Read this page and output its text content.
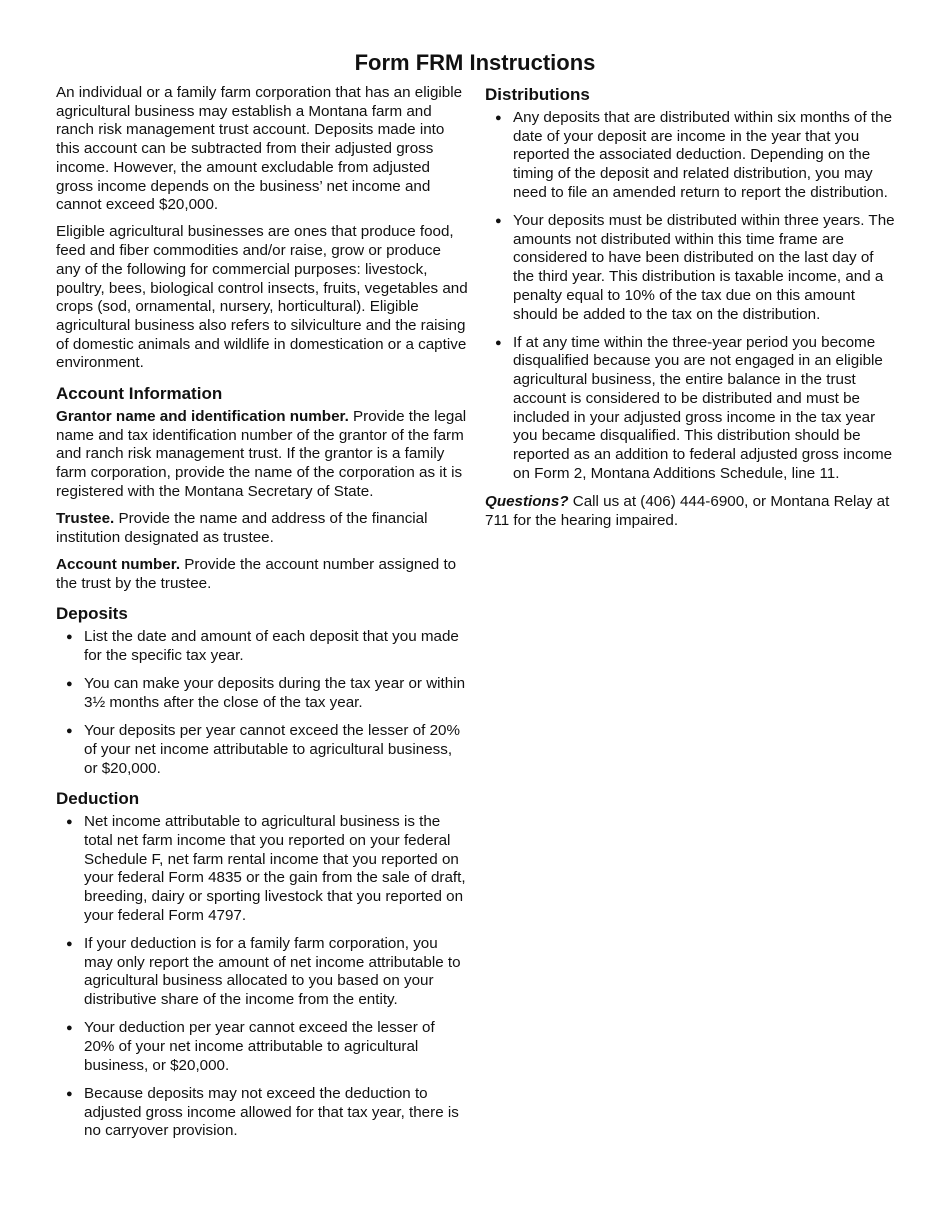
Form FRM Instructions

An individual or a family farm corporation that has an eligible agricultural business may establish a Montana farm and ranch risk management trust account. Deposits made into this account can be subtracted from their adjusted gross income. However, the amount excludable from adjusted gross income depends on the business’ net income and cannot exceed $20,000.

Eligible agricultural businesses are ones that produce food, feed and fiber commodities and/or raise, grow or produce any of the following for commercial purposes: livestock, poultry, bees, biological control insects, fruits, vegetables and crops (sod, ornamental, nursery, horticultural). Eligible agricultural business also refers to silviculture and the raising of domestic animals and wildlife in domestication or a captive environment.

Account Information

Grantor name and identification number. Provide the legal name and tax identification number of the grantor of the farm and ranch risk management trust. If the grantor is a family farm corporation, provide the name of the corporation as it is registered with the Montana Secretary of State.

Trustee. Provide the name and address of the financial institution designated as trustee.

Account number. Provide the account number assigned to the trust by the trustee.

Deposits
● List the date and amount of each deposit that you made for the specific tax year.
● You can make your deposits during the tax year or within 3½ months after the close of the tax year.
● Your deposits per year cannot exceed the lesser of 20% of your net income attributable to agricultural business, or $20,000.
Deduction
● Net income attributable to agricultural business is the total net farm income that you reported on your federal Schedule F, net farm rental income that you reported on your federal Form 4835 or the gain from the sale of draft, breeding, dairy or sporting livestock that you reported on your federal Form 4797.
● If your deduction is for a family farm corporation, you may only report the amount of net income attributable to agricultural business allocated to you based on your distributive share of the income from the entity.
● Your deduction per year cannot exceed the lesser of 20% of your net income attributable to agricultural business, or $20,000.
● Because deposits may not exceed the deduction to adjusted gross income allowed for that tax year, there is no carryover provision.
Distributions
● Any deposits that are distributed within six months of the date of your deposit are income in the year that you reported the associated deduction. Depending on the timing of the deposit and related distribution, you may need to file an amended return to report the distribution.
● Your deposits must be distributed within three years. The amounts not distributed within this time frame are considered to have been distributed on the last day of the third year. This distribution is taxable income, and a penalty equal to 10% of the tax due on this amount should be added to the tax on the distribution.
● If at any time within the three-year period you become disqualified because you are not engaged in an eligible agricultural business, the entire balance in the trust account is considered to be distributed and must be included in your adjusted gross income in the tax year you became disqualified. This distribution should be reported as an addition to federal adjusted gross income on Form 2, Montana Additions Schedule, line 11.

Questions? Call us at (406) 444-6900, or Montana Relay at 711 for the hearing impaired.
